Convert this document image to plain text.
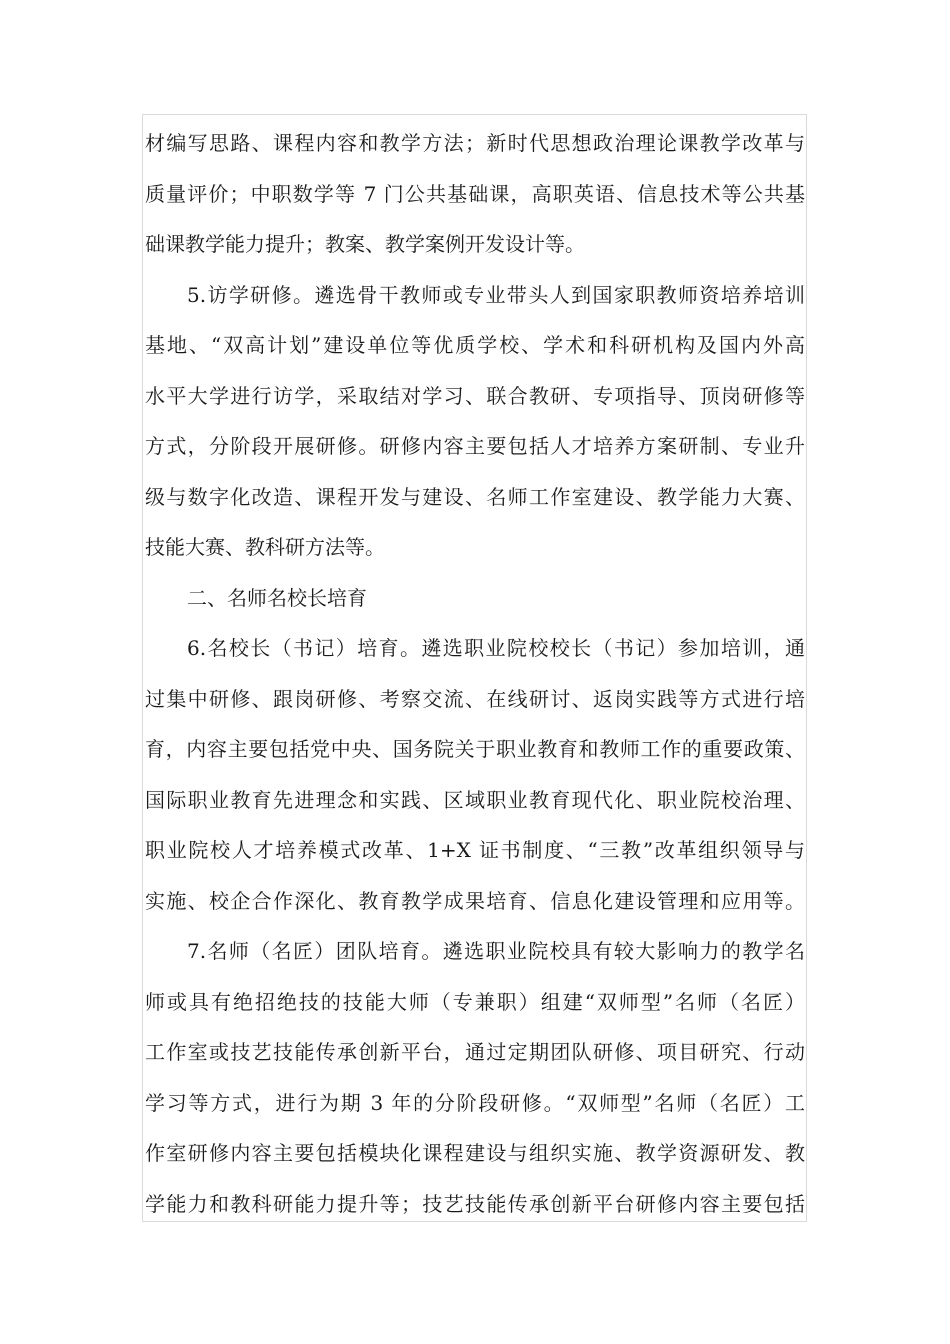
材编写思路、课程内容和教学方法；新时代思想政治理论课教学改革与
质量评价；中职数学等 7 门公共基础课，高职英语、信息技术等公共基
础课教学能力提升；教案、教学案例开发设计等。
5.访学研修。遴选骨干教师或专业带头人到国家职教师资培养培训
基地、“双高计划”建设单位等优质学校、学术和科研机构及国内外高
水平大学进行访学，采取结对学习、联合教研、专项指导、顶岗研修等
方式，分阶段开展研修。研修内容主要包括人才培养方案研制、专业升
级与数字化改造、课程开发与建设、名师工作室建设、教学能力大赛、
技能大赛、教科研方法等。
二、名师名校长培育
6.名校长（书记）培育。遴选职业院校校长（书记）参加培训，通
过集中研修、跟岗研修、考察交流、在线研讨、返岗实践等方式进行培
育，内容主要包括党中央、国务院关于职业教育和教师工作的重要政策、
国际职业教育先进理念和实践、区域职业教育现代化、职业院校治理、
职业院校人才培养模式改革、1+X 证书制度、“三教”改革组织领导与
实施、校企合作深化、教育教学成果培育、信息化建设管理和应用等。
7.名师（名匠）团队培育。遴选职业院校具有较大影响力的教学名
师或具有绝招绝技的技能大师（专兼职）组建“双师型”名师（名匠）
工作室或技艺技能传承创新平台，通过定期团队研修、项目研究、行动
学习等方式，进行为期 3 年的分阶段研修。“双师型”名师（名匠）工
作室研修内容主要包括模块化课程建设与组织实施、教学资源研发、教
学能力和教科研能力提升等；技艺技能传承创新平台研修内容主要包括
